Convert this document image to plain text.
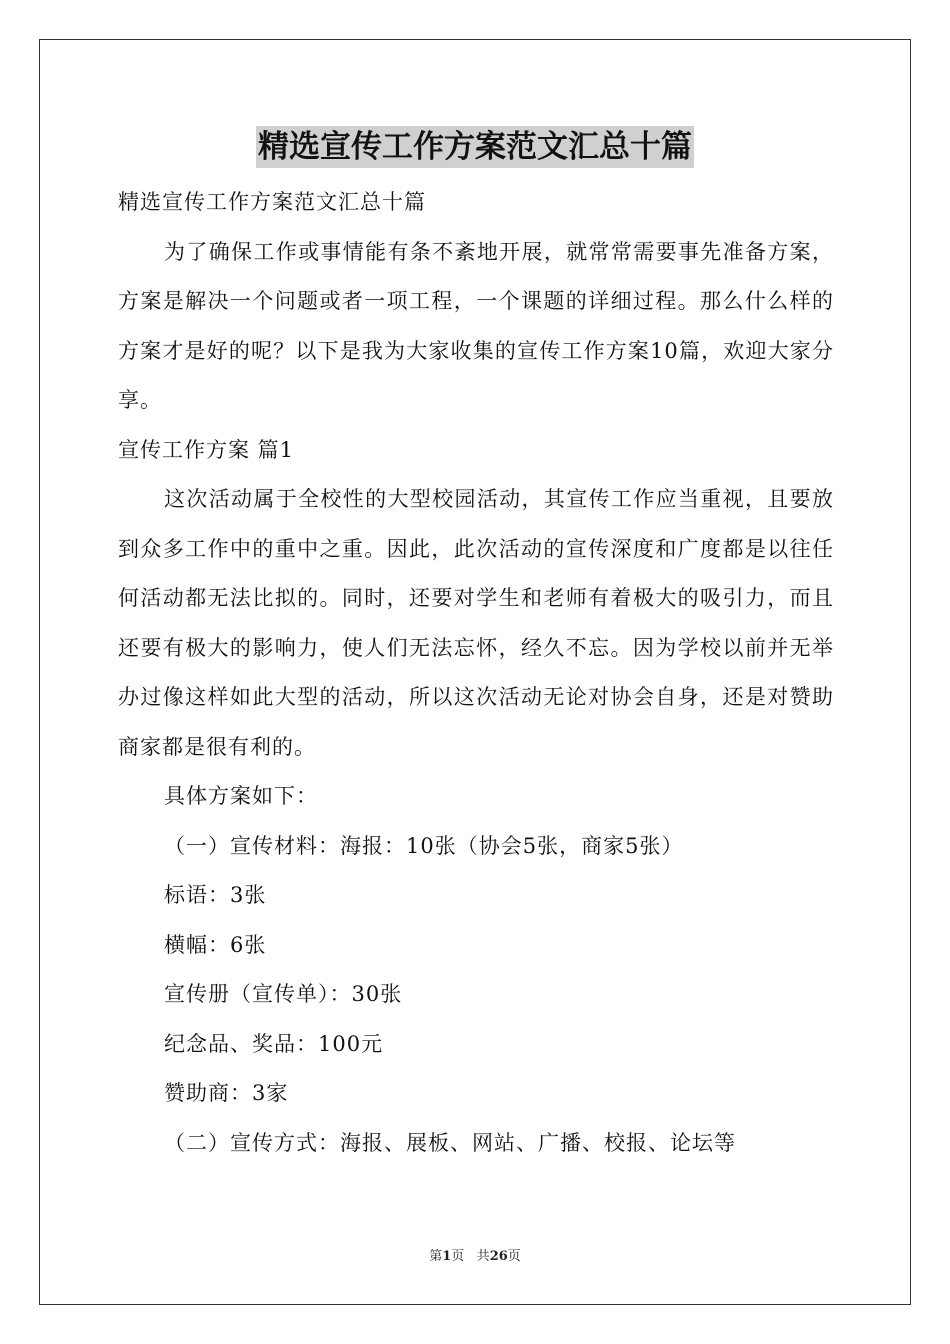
精选宣传工作方案范文汇总十篇

精选宣传工作方案范文汇总十篇

为了确保工作或事情能有条不紊地开展，就常常需要事先准备方案，方案是解决一个问题或者一项工程，一个课题的详细过程。那么什么样的方案才是好的呢？以下是我为大家收集的宣传工作方案10篇，欢迎大家分享。

宣传工作方案 篇1

这次活动属于全校性的大型校园活动，其宣传工作应当重视，且要放到众多工作中的重中之重。因此，此次活动的宣传深度和广度都是以往任何活动都无法比拟的。同时，还要对学生和老师有着极大的吸引力，而且还要有极大的影响力，使人们无法忘怀，经久不忘。因为学校以前并无举办过像这样如此大型的活动，所以这次活动无论对协会自身，还是对赞助商家都是很有利的。

具体方案如下：

（一）宣传材料：海报：10张（协会5张，商家5张）

标语：3张

横幅：6张

宣传册（宣传单）：30张

纪念品、奖品：100元

赞助商：3家

（二）宣传方式：海报、展板、网站、广播、校报、论坛等

第1页 共26页
